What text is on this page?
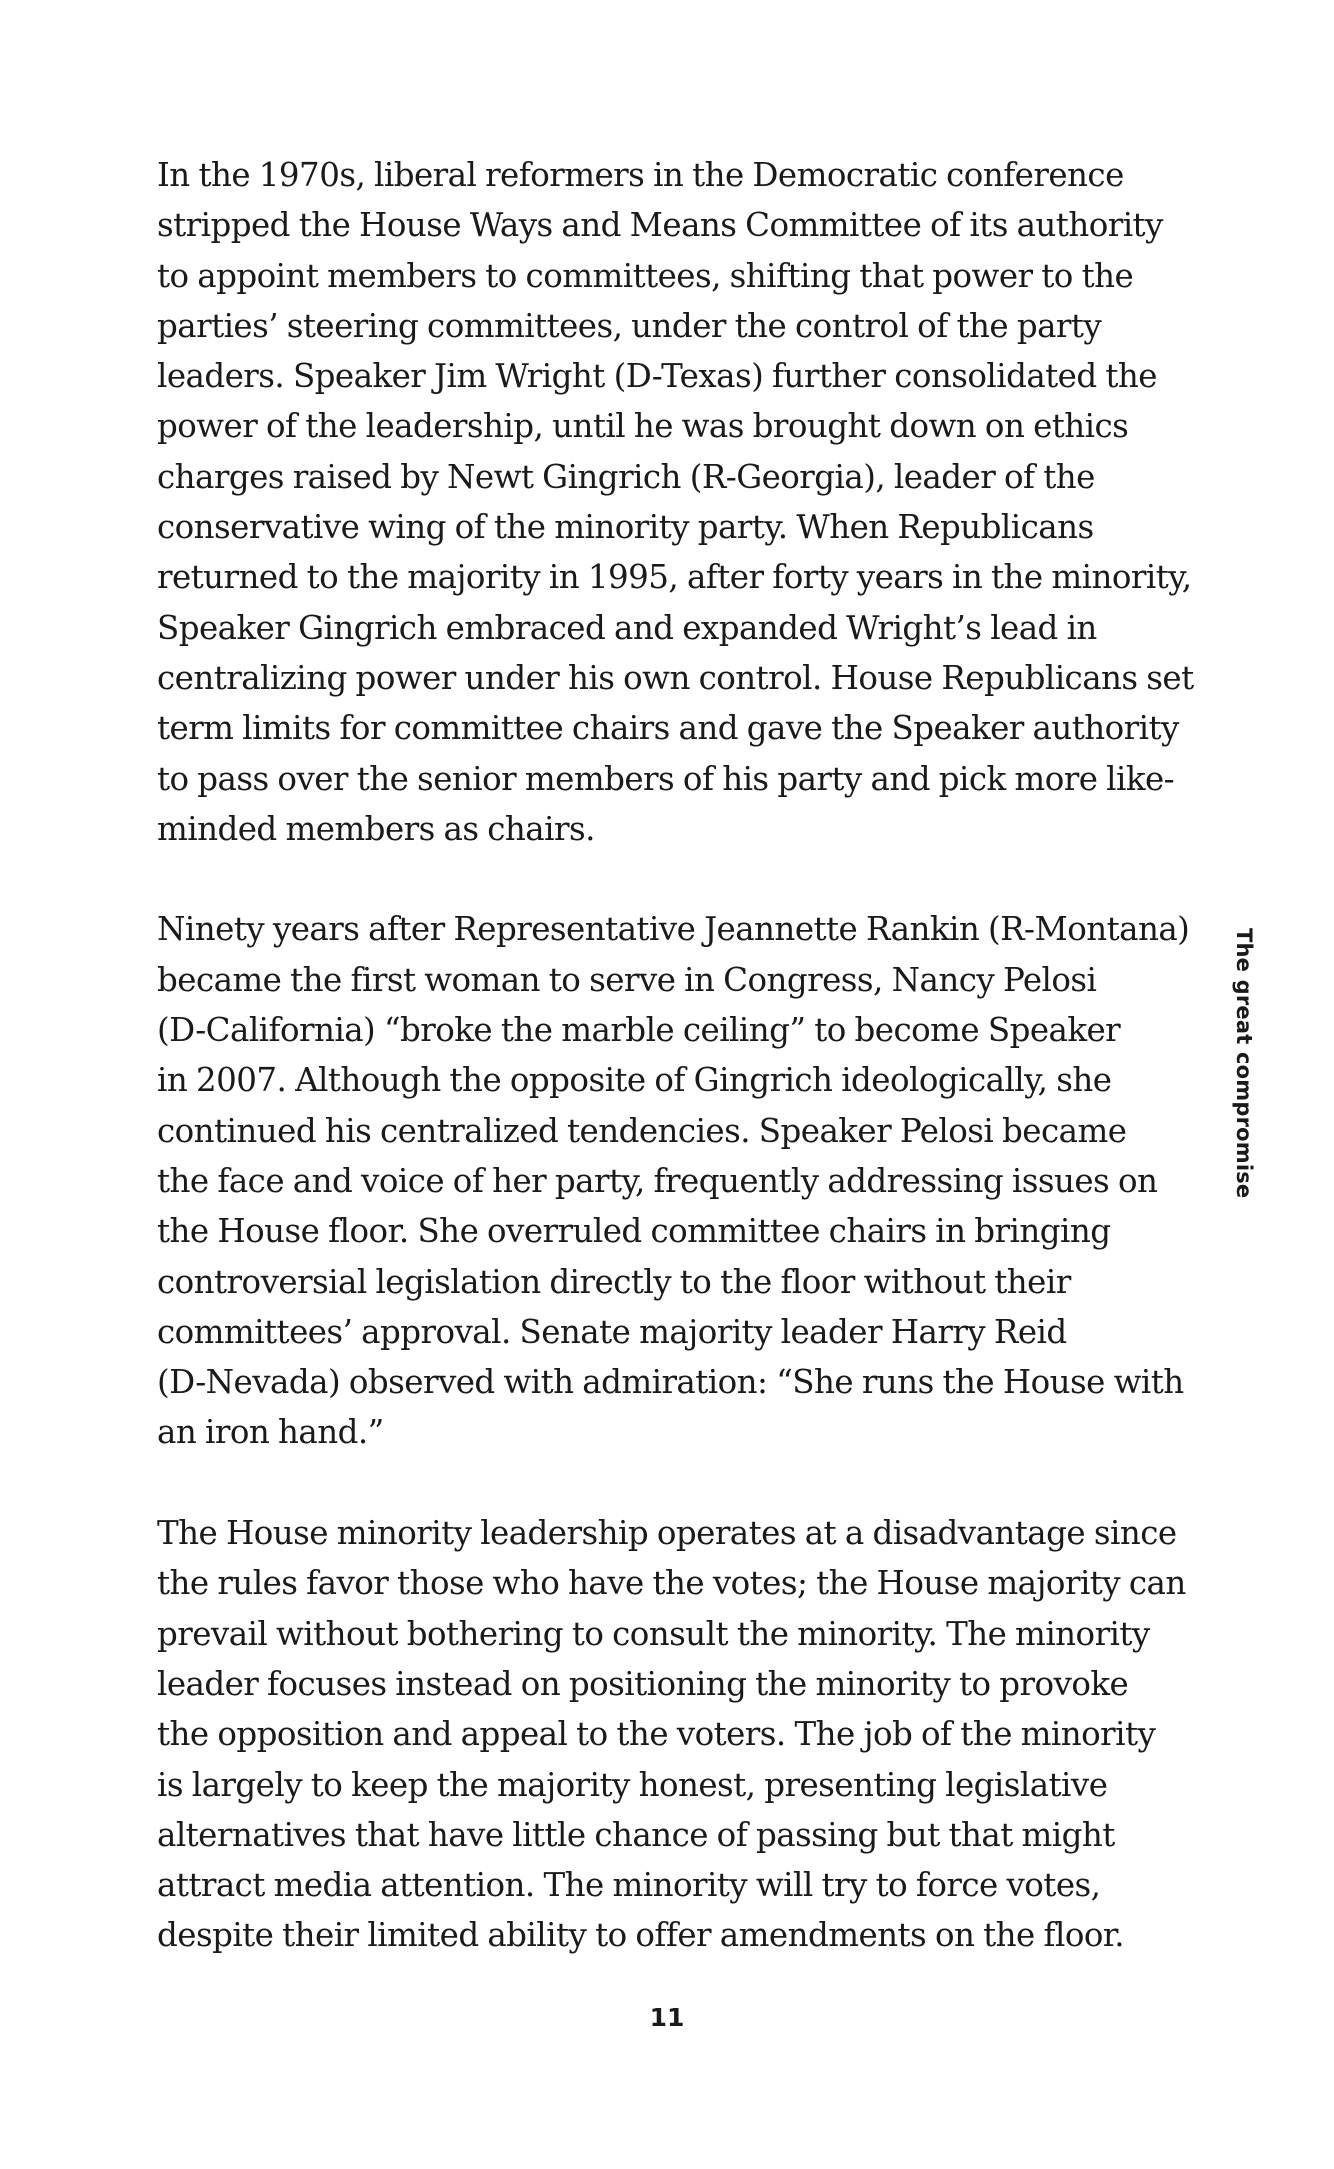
In the 1970s, liberal reformers in the Democratic conference
stripped the House Ways and Means Committee of its authority
to appoint members to committees, shifting that power to the
parties’ steering committees, under the control of the party
leaders. Speaker Jim Wright (D-Texas) further consolidated the
power of the leadership, until he was brought down on ethics
charges raised by Newt Gingrich (R-Georgia), leader of the
conservative wing of the minority party. When Republicans
returned to the majority in 1995, after forty years in the minority,
Speaker Gingrich embraced and expanded Wright’s lead in
centralizing power under his own control. House Republicans set
term limits for committee chairs and gave the Speaker authority
to pass over the senior members of his party and pick more like-
minded members as chairs.

Ninety years after Representative Jeannette Rankin (R-Montana)
became the first woman to serve in Congress, Nancy Pelosi
(D-California) “broke the marble ceiling” to become Speaker
in 2007. Although the opposite of Gingrich ideologically, she
continued his centralized tendencies. Speaker Pelosi became
the face and voice of her party, frequently addressing issues on
the House floor. She overruled committee chairs in bringing
controversial legislation directly to the floor without their
committees’ approval. Senate majority leader Harry Reid
(D-Nevada) observed with admiration: “She runs the House with
an iron hand.”

The House minority leadership operates at a disadvantage since
the rules favor those who have the votes; the House majority can
prevail without bothering to consult the minority. The minority
leader focuses instead on positioning the minority to provoke
the opposition and appeal to the voters. The job of the minority
is largely to keep the majority honest, presenting legislative
alternatives that have little chance of passing but that might
attract media attention. The minority will try to force votes,
despite their limited ability to offer amendments on the floor.

The great compromise
11
